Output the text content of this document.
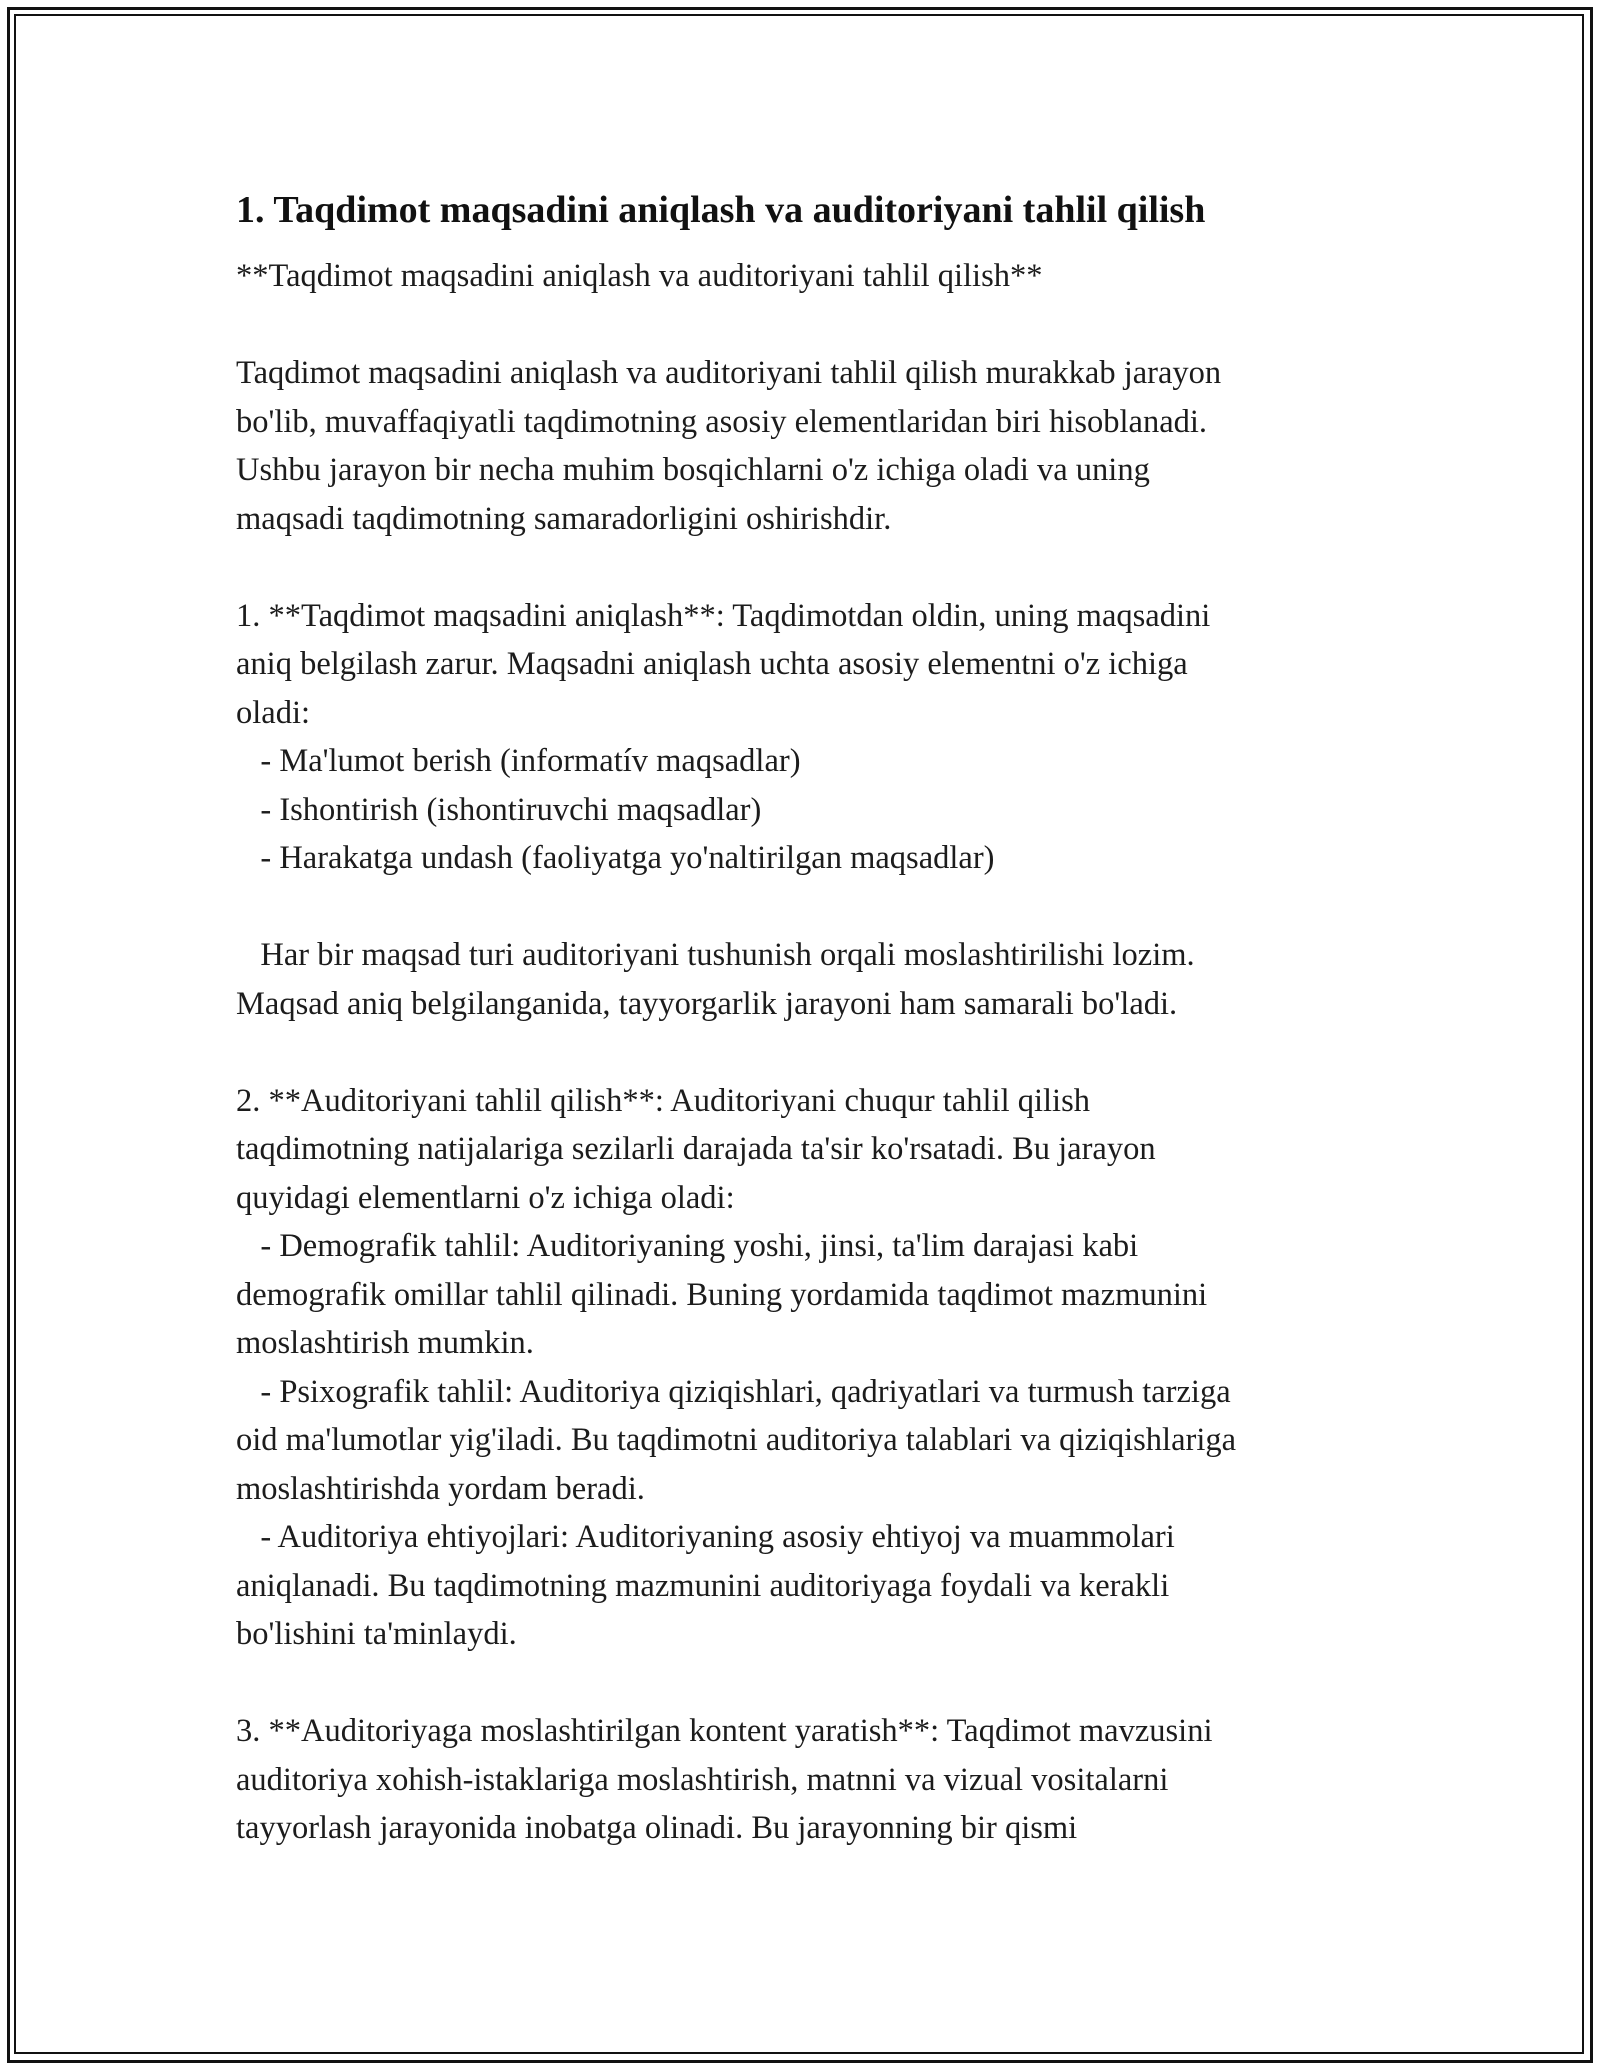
1. Taqdimot maqsadini aniqlash va auditoriyani tahlil qilish
**Taqdimot maqsadini aniqlash va auditoriyani tahlil qilish**
Taqdimot maqsadini aniqlash va auditoriyani tahlil qilish murakkab jarayon
bo'lib, muvaffaqiyatli taqdimotning asosiy elementlaridan biri hisoblanadi.
Ushbu jarayon bir necha muhim bosqichlarni o'z ichiga oladi va uning
maqsadi taqdimotning samaradorligini oshirishdir.
1. **Taqdimot maqsadini aniqlash**: Taqdimotdan oldin, uning maqsadini
aniq belgilash zarur. Maqsadni aniqlash uchta asosiy elementni o'z ichiga
oladi:
- Ma'lumot berish (informatív maqsadlar)
- Ishontirish (ishontiruvchi maqsadlar)
- Harakatga undash (faoliyatga yo'naltirilgan maqsadlar)
Har bir maqsad turi auditoriyani tushunish orqali moslashtirilishi lozim.
Maqsad aniq belgilanganida, tayyorgarlik jarayoni ham samarali bo'ladi.
2. **Auditoriyani tahlil qilish**: Auditoriyani chuqur tahlil qilish
taqdimotning natijalariga sezilarli darajada ta'sir ko'rsatadi. Bu jarayon
quyidagi elementlarni o'z ichiga oladi:
- Demografik tahlil: Auditoriyaning yoshi, jinsi, ta'lim darajasi kabi
demografik omillar tahlil qilinadi. Buning yordamida taqdimot mazmunini
moslashtirish mumkin.
- Psixografik tahlil: Auditoriya qiziqishlari, qadriyatlari va turmush tarziga
oid ma'lumotlar yig'iladi. Bu taqdimotni auditoriya talablari va qiziqishlariga
moslashtirishda yordam beradi.
- Auditoriya ehtiyojlari: Auditoriyaning asosiy ehtiyoj va muammolari
aniqlanadi. Bu taqdimotning mazmunini auditoriyaga foydali va kerakli
bo'lishini ta'minlaydi.
3. **Auditoriyaga moslashtirilgan kontent yaratish**: Taqdimot mavzusini
auditoriya xohish-istaklariga moslashtirish, matnni va vizual vositalarni
tayyorlash jarayonida inobatga olinadi. Bu jarayonning bir qismi
